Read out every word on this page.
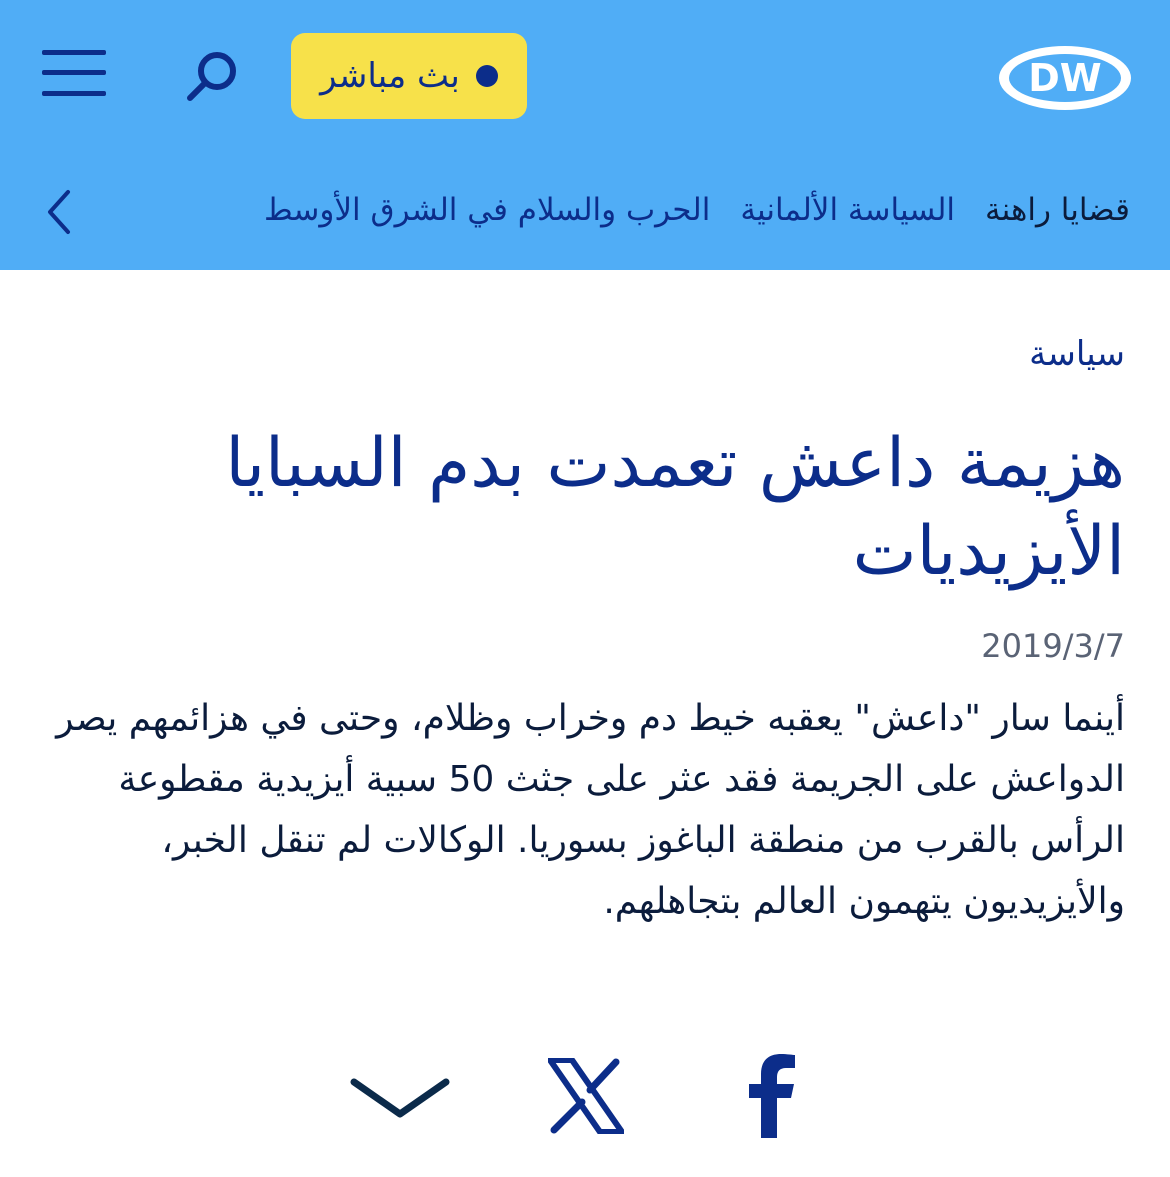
بث مباشر	DW
قضايا راهنة
السياسة الألمانية
الحرب والسلام في الشرق الأوسط
سياسة
هزيمة داعش تعمدت بدم السبايا الأيزيديات
2019/3/7
أينما سار "داعش" يعقبه خيط دم وخراب وظلام، وحتى في هزائمهم يصر الدواعش على الجريمة فقد عثر على جثث 50 سبية أيزيدية مقطوعة الرأس بالقرب من منطقة الباغوز بسوريا. الوكالات لم تنقل الخبر، والأيزيديون يتهمون العالم بتجاهلهم.
